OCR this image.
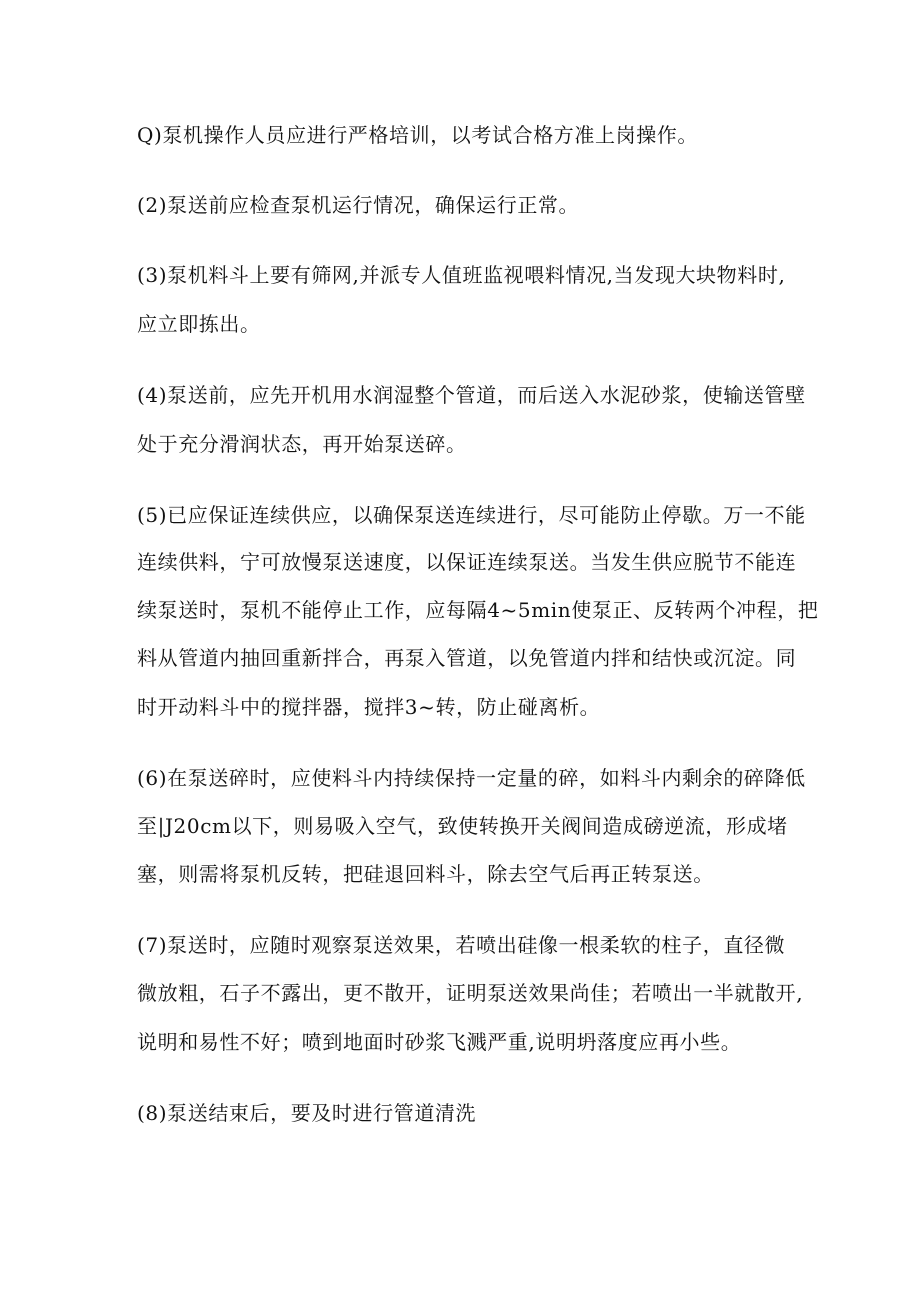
Q)泵机操作人员应进行严格培训，以考试合格方准上岗操作。
(2)泵送前应检查泵机运行情况，确保运行正常。
(3)泵机料斗上要有筛网,并派专人值班监视喂料情况,当发现大块物料时,
应立即拣出。
(4)泵送前，应先开机用水润湿整个管道，而后送入水泥砂浆，使输送管壁
处于充分滑润状态，再开始泵送碎。
(5)已应保证连续供应，以确保泵送连续进行，尽可能防止停歇。万一不能
连续供料，宁可放慢泵送速度，以保证连续泵送。当发生供应脱节不能连
续泵送时，泵机不能停止工作，应每隔4~5min使泵正、反转两个冲程，把
料从管道内抽回重新拌合，再泵入管道，以免管道内拌和结快或沉淀。同
时开动料斗中的搅拌器，搅拌3~转，防止碰离析。
(6)在泵送碎时，应使料斗内持续保持一定量的碎，如料斗内剩余的碎降低
至|J20cm以下，则易吸入空气，致使转换开关阀间造成磅逆流，形成堵
塞，则需将泵机反转，把硅退回料斗，除去空气后再正转泵送。
(7)泵送时，应随时观察泵送效果，若喷出硅像一根柔软的柱子，直径微
微放粗，石子不露出，更不散开，证明泵送效果尚佳；若喷出一半就散开,
说明和易性不好；喷到地面时砂浆飞溅严重,说明坍落度应再小些。
(8)泵送结束后，要及时进行管道清洗
